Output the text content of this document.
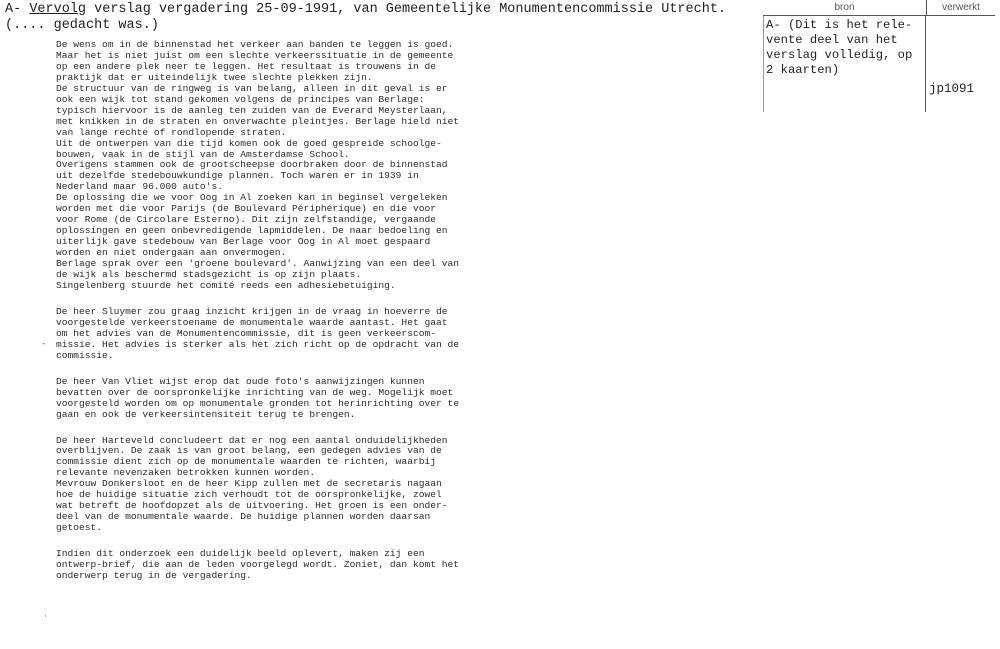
A- Vervolg verslag vergadering 25-09-1991, van Gemeentelijke Monumentencommissie Utrecht.
(.... gedacht was.)
De wens om in de binnenstad het verkeer aan banden te leggen is goed.
Maar het is niet juist om een slechte verkeerssituatie in de gemeente
op een andere plek neer te leggen. Het resultaat is trouwens in de
praktijk dat er uiteindelijk twee slechte plekken zijn.
De structuur van de ringweg is van belang, alleen in dit geval is er
ook een wijk tot stand gekomen volgens de principes van Berlage:
typisch hiervoor is de aanleg ten zuiden van de Everard Meysterlaan,
met knikken in de straten en onverwachte pleintjes. Berlage hield niet
van lange rechte of rondlopende straten.
Uit de ontwerpen van die tijd komen ook de goed gespreide schoolge-
bouwen, vaak in de stijl van de Amsterdamse School.
Overigens stammen ook de grootscheepse doorbraken door de binnenstad
uit dezelfde stedebouwkundige plannen. Toch waren er in 1939 in
Nederland maar 96.000 auto's.
De oplossing die we voor Oog in Al zoeken kan in beginsel vergeleken
worden met die voor Parijs (de Boulevard Périphérique) en die voor
voor Rome (de Circolare Esterno). Dit zijn zelfstandige, vergaande
oplossingen en geen onbevredigende lapmiddelen. De naar bedoeling en
uiterlijk gave stedebouw van Berlage voor Oog in Al moet gespaard
worden en niet ondergaan aan onvermogen.
Berlage sprak over een 'groene boulevard'. Aanwijzing van een deel van
de wijk als beschermd stadsgezicht is op zijn plaats.
Singelenberg stuurde het comité reeds een adhesiebetuiging.
De heer Sluymer zou graag inzicht krijgen in de vraag in hoeverre de
voorgestelde verkeerstoename de monumentale waarde aantast. Het gaat
om het advies van de Monumentencommissie, dit is geen verkeerscom-
missie. Het advies is sterker als het zich richt op de opdracht van de
commissie.
De heer Van Vliet wijst erop dat oude foto's aanwijzingen kunnen
bevatten over de oorspronkelijke inrichting van de weg. Mogelijk moet
voorgesteld worden om op monumentale gronden tot herinrichting over te
gaan en ook de verkeersintensiteit terug te brengen.
De heer Harteveld concludeert dat er nog een aantal onduidelijkheden
overblijven. De zaak is van groot belang, een gedegen advies van de
commissie dient zich op de monumentale waarden te richten, waarbij
relevante nevenzaken betrokken kunnen worden.
Mevrouw Donkersloot en de heer Kipp zullen met de secretaris nagaan
hoe de huidige situatie zich verhoudt tot de oorspronkelijke, zowel
wat betreft de hoofdopzet als de uitvoering. Het groen is een onder-
deel van de monumentale waarde. De huidige plannen worden daarsan
getoest.
Indien dit onderzoek een duidelijk beeld oplevert, maken zij een
ontwerp-brief, die aan de leden voorgelegd wordt. Zoniet, dan komt het
onderwerp terug in de vergadering.
bron	verwerkt
A- (Dit is het rele-
vente deel van het
verslag volledig, op
2 kaarten)
jp1091
-
·
